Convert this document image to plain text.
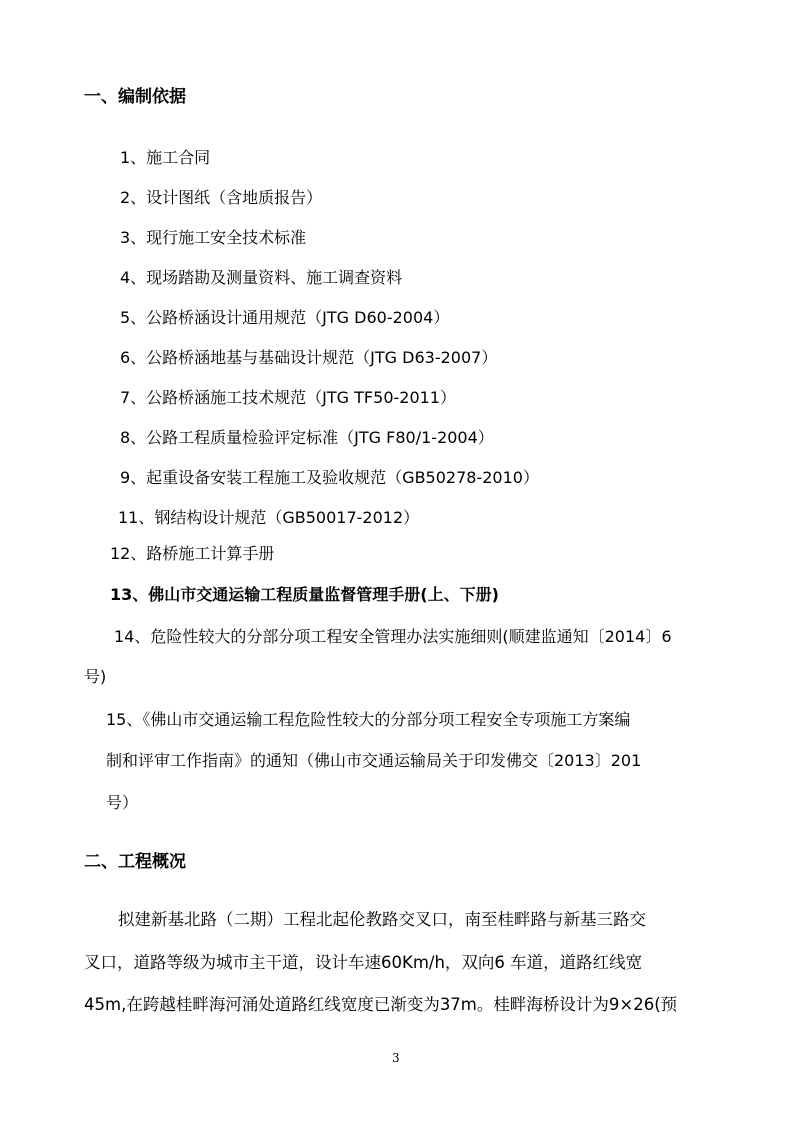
一、编制依据
1、施工合同
2、设计图纸（含地质报告）
3、现行施工安全技术标准
4、现场踏勘及测量资料、施工调查资料
5、公路桥涵设计通用规范（JTG D60-2004）
6、公路桥涵地基与基础设计规范（JTG D63-2007）
7、公路桥涵施工技术规范（JTG TF50-2011）
8、公路工程质量检验评定标准（JTG F80/1-2004）
9、起重设备安装工程施工及验收规范（GB50278-2010）
11、钢结构设计规范（GB50017-2012）
12、路桥施工计算手册
13、佛山市交通运输工程质量监督管理手册(上、下册)
14、危险性较大的分部分项工程安全管理办法实施细则(顺建监通知〔2014〕6
号)
15、《佛山市交通运输工程危险性较大的分部分项工程安全专项施工方案编
制和评审工作指南》的通知（佛山市交通运输局关于印发佛交〔2013〕201
号）
二、工程概况
拟建新基北路（二期）工程北起伦教路交叉口，南至桂畔路与新基三路交
叉口，道路等级为城市主干道，设计车速60Km/h，双向6 车道，道路红线宽
45m,在跨越桂畔海河涌处道路红线宽度已渐变为37m。桂畔海桥设计为9×26(预
3
